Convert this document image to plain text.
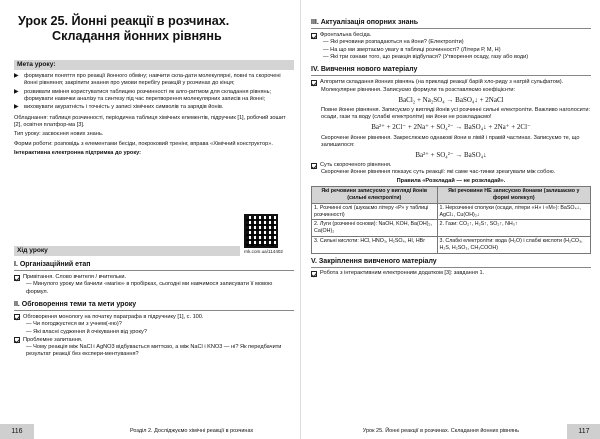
Урок 25. Йонні реакції в розчинах.
Складання йонних рівнянь
Мета уроку:
▶ формувати поняття про реакції йонного обміну; навчити скла-дати молекулярні, повні та скорочені йонні рівняння; закріпити знання про умови перебігу реакцій у розчинах до кінця;
▶ розвивати вміння користуватися таблицею розчинності як алго-ритмом для складання рівнянь; формувати навички аналізу та синтезу під час перетворення молекулярних записів на йонні;
▶ виховувати акуратність і точність у записі хімічних символів та зарядів йонів.
Обладнання: таблиця розчинності, періодична таблиця хімічних елементів, підручник [1], робочий зошит [2], освітня платфор-ма [3].
Тип уроку: засвоєння нових знань.
Форми роботи: розповідь з елементами бесіди, покроковий тренінг, вправа «Хімічний конструктор».
Інтерактивна електронна підтримка до уроку:
rnk.com.ua/114402
Хід уроку
I. Організаційний етап
Привітання. Слово вчителя / вчительки.
— Минулого уроку ми бачили «магію» в пробірках, сьогодні ми навчимося записувати її мовою формул.
II. Обговорення теми та мети уроку
Обговорення монологу на початку параграфа в підручнику [1], с. 100.
— Чи погоджуєтеся ви з учнем(-ею)?
— Які власні судження й очікування від уроку?
Проблемне запитання.
— Чому реакція між NaCl і AgNO3 відбувається миттєво, а між NaCl і KNO3 — ні? Як передбачити результат реакції без експери-ментування?
116	Розділ 2. Досліджуємо хімічні реакції в розчинах
III. Актуалізація опорних знань
Фронтальна бесіда.
— Які речовини розпадаються на йони? (Електроліти)
— На що ми звертаємо увагу в таблиці розчинності? (Літери Р, М, Н)
— Які три ознаки того, що реакція відбулася? (Утворення осаду, газу або води)
IV. Вивчення нового матеріалу
Алгоритм складання йонних рівнянь (на прикладі реакції барій хло-риду з натрій сульфатом).
Молекулярне рівняння. Записуємо формули та розставляємо коефіцієнти:
BaCl₂ + Na₂SO₄ → BaSO₄↓ + 2NaCl
Повне йонне рівняння. Записуємо у вигляді йонів усі розчинні сильні електроліти. Важливо наголосити: осади, гази та воду (слабкі електроліти) ми йони не розкладаємо!
Ba²⁺ + 2Cl⁻ + 2Na⁺ + SO₄²⁻ → BaSO₄↓ + 2Na⁺ + 2Cl⁻
Скорочене йонне рівняння. Закреслюємо однакові йони в лівій і правій частинах. Записуємо те, що залишилося:
Ba²⁺ + SO₄²⁻ → BaSO₄↓
Суть скороченого рівняння.
Скорочене йонне рівняння показує суть реакції: які саме час-тинки зреагували між собою.
Правила «Розкладай — не розкладай».
Які речовини записуємо у вигляді йонів (сильні електроліти)	Які речовини НЕ записуємо йонами (залишаємо у формі молекул)
1. Розчинні солі (шукаємо літеру «Р» у таблиці розчинності)	1. Нерозчинні сполуки (осади, літери «Н» і «М»): BaSO₄↓, AgCl↓, Cu(OH)₂↓
2. Луги (розчинні основи): NaOH, KOH, Ba(OH)₂, Ca(OH)₂	2. Гази: CO₂↑, H₂S↑, SO₂↑, NH₃↑
3. Сильні кислоти: HCl, HNO₃, H₂SO₄, HI, HBr	3. Слабкі електроліти: вода (H₂O) і слабкі кислоти (H₂CO₃, H₂S, H₂SO₃, CH₃COOH)
V. Закріплення вивченого матеріалу
Робота з інтерактивним електронним додатком [3]: завдання 1.
Урок 25. Йонні реакції в розчинах. Складання йонних рівнянь	117
